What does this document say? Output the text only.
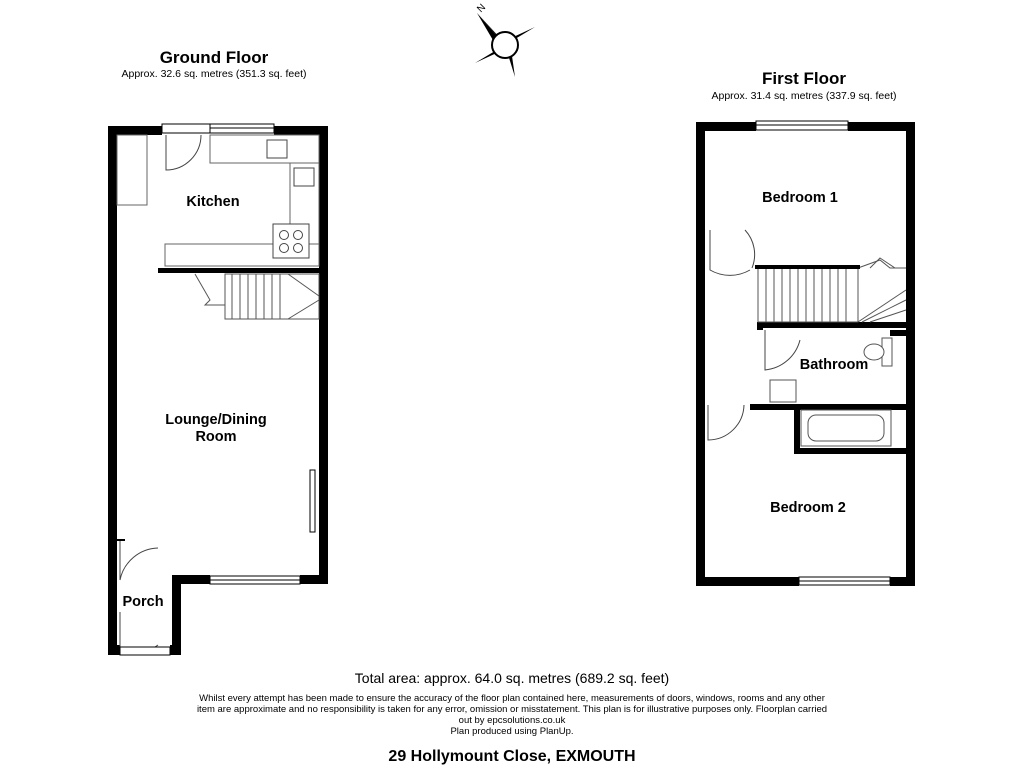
Ground Floor
Approx. 32.6 sq. metres (351.3 sq. feet)	First Floor
Approx. 31.4 sq. metres (337.9 sq. feet)
Kitchen
Lounge/Dining
Room
Porch
Bedroom 1
Bathroom
Bedroom 2
N
Total area: approx. 64.0 sq. metres (689.2 sq. feet)
Whilst every attempt has been made to ensure the accuracy of the floor plan contained here, measurements of doors, windows, rooms and any other
item are approximate and no responsibility is taken for any error, omission or misstatement. This plan is for illustrative purposes only. Floorplan carried
out by epcsolutions.co.uk
Plan produced using PlanUp.
29 Hollymount Close, EXMOUTH
